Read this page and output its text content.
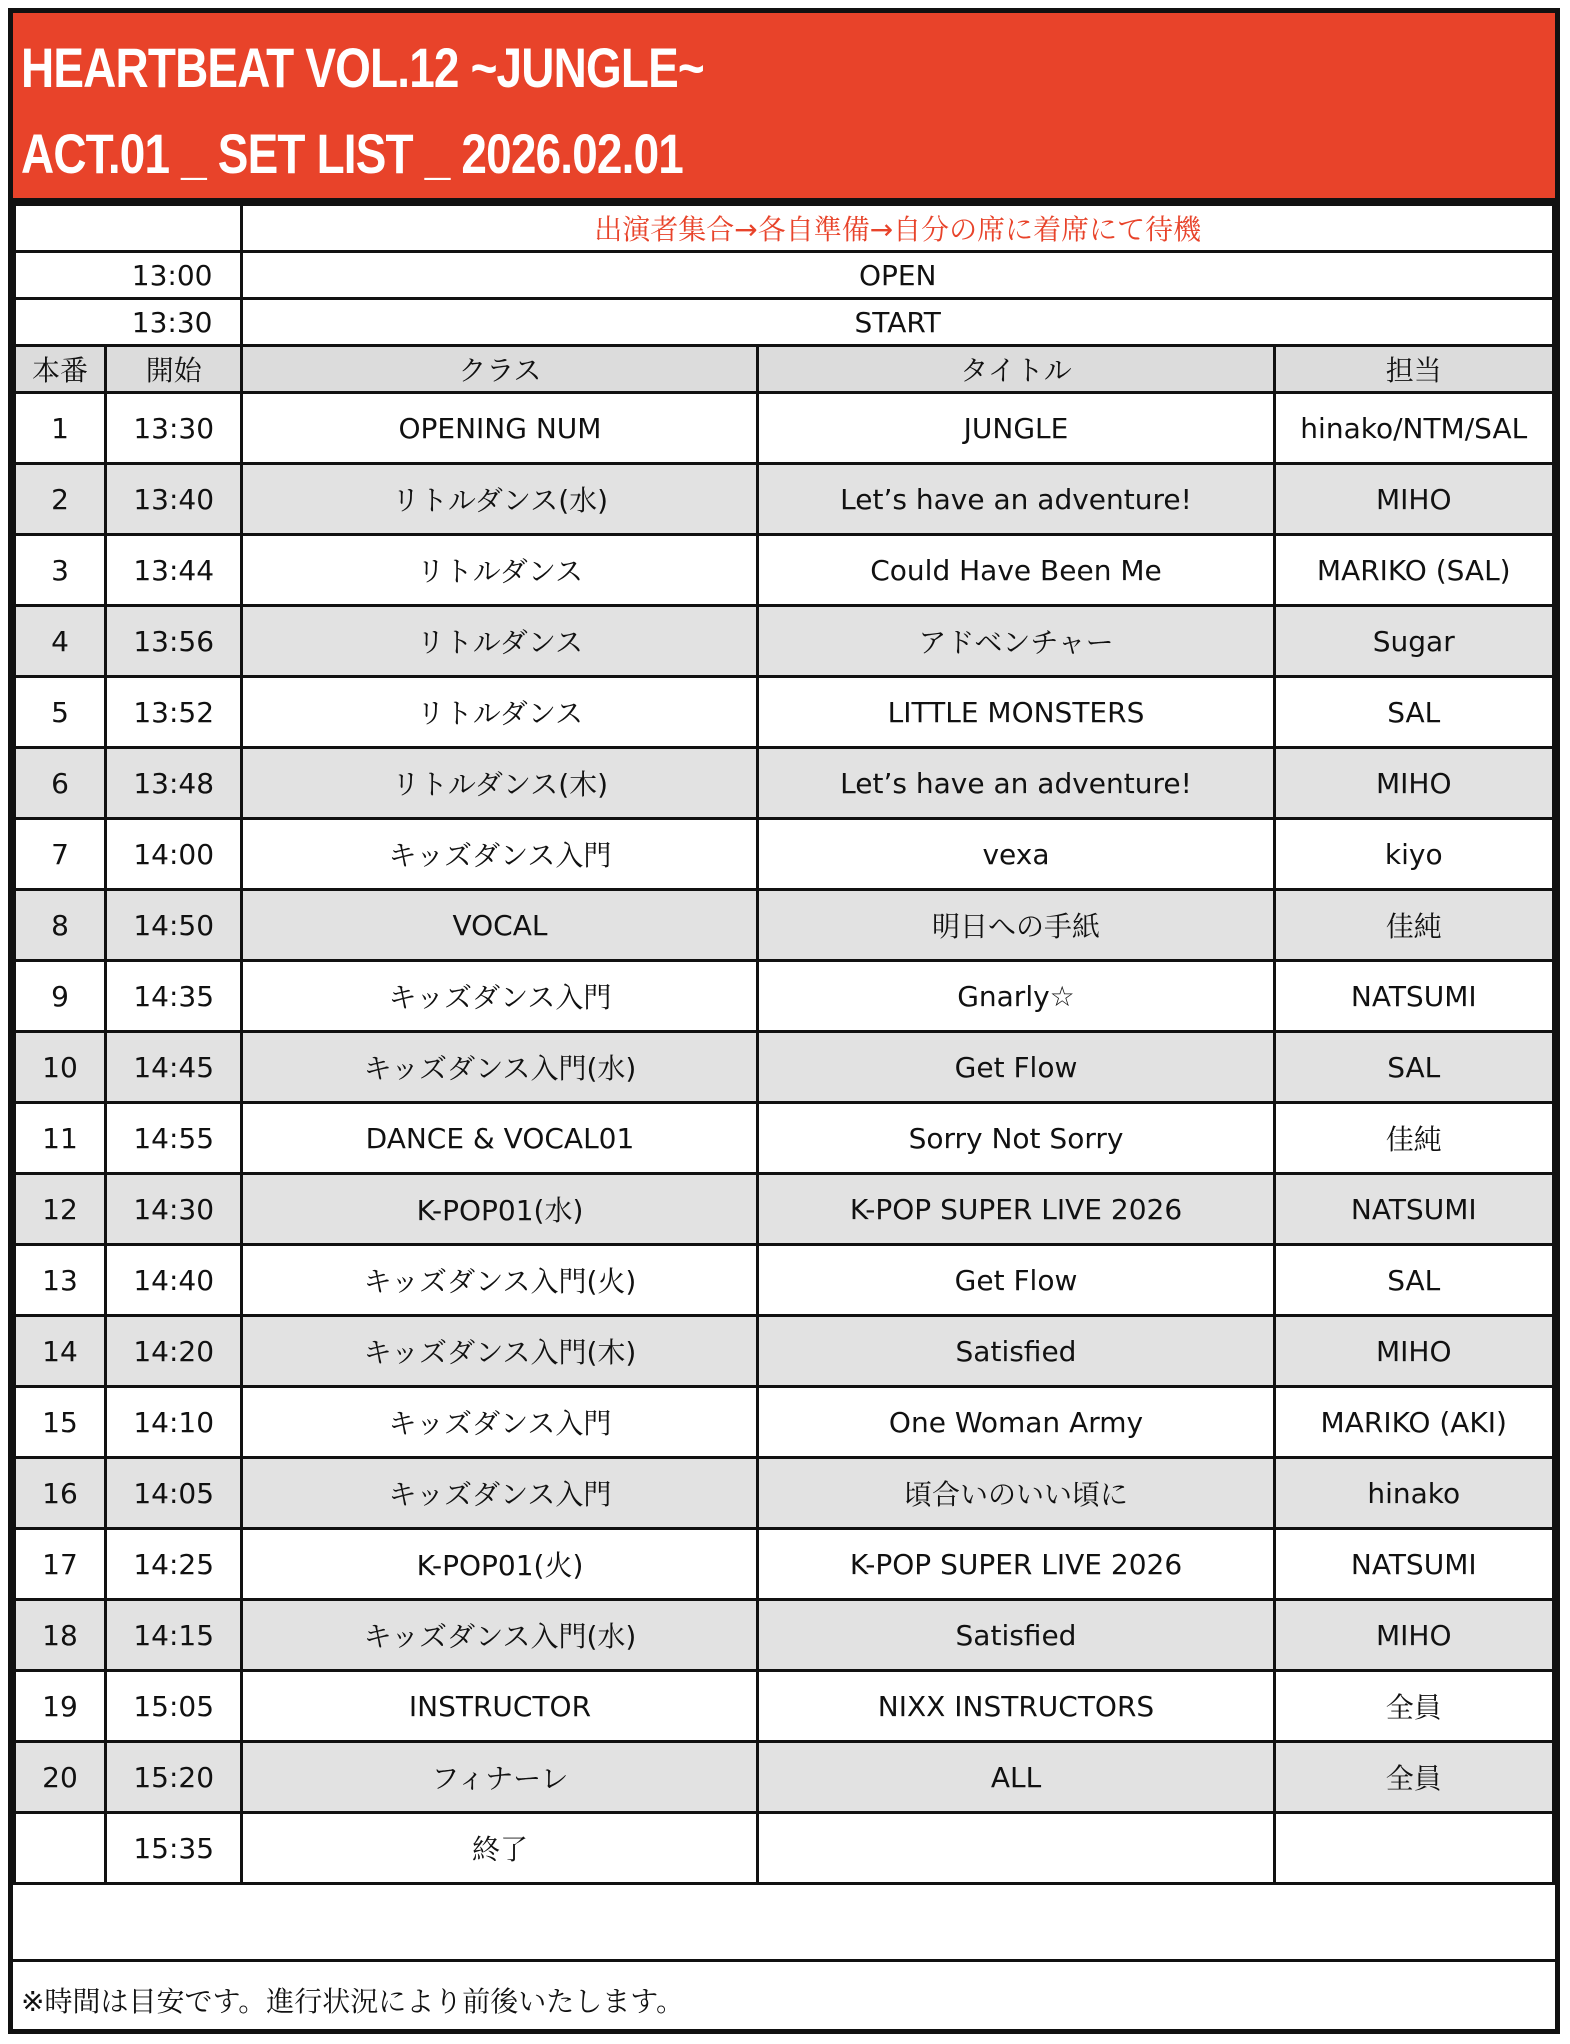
HEARTBEAT VOL.12 ~JUNGLE~
ACT.01 _ SET LIST _ 2026.02.01
		出演者集合→各自準備→自分の席に着席にて待機		
13:00		OPEN		
13:30		START		
本番	開始	クラス	タイトル	担当
1	13:30	OPENING NUM	JUNGLE	hinako/NTM/SAL
2	13:40	リトルダンス(水)	Let’s have an adventure!	MIHO
3	13:44	リトルダンス	Could Have Been Me	MARIKO (SAL)
4	13:56	リトルダンス	アドベンチャー	Sugar
5	13:52	リトルダンス	LITTLE MONSTERS	SAL
6	13:48	リトルダンス(木)	Let’s have an adventure!	MIHO
7	14:00	キッズダンス入門	vexa	kiyo
8	14:50	VOCAL	明日への手紙	佳純
9	14:35	キッズダンス入門	Gnarly☆	NATSUMI
10	14:45	キッズダンス入門(水)	Get Flow	SAL
11	14:55	DANCE & VOCAL01	Sorry Not Sorry	佳純
12	14:30	K-POP01(水)	K-POP SUPER LIVE 2026	NATSUMI
13	14:40	キッズダンス入門(火)	Get Flow	SAL
14	14:20	キッズダンス入門(木)	Satisfied	MIHO
15	14:10	キッズダンス入門	One Woman Army	MARIKO (AKI)
16	14:05	キッズダンス入門	頃合いのいい頃に	hinako
17	14:25	K-POP01(火)	K-POP SUPER LIVE 2026	NATSUMI
18	14:15	キッズダンス入門(水)	Satisfied	MIHO
19	15:05	INSTRUCTOR	NIXX INSTRUCTORS	全員
20	15:20	フィナーレ	ALL	全員
	15:35	終了		
※時間は目安です。進行状況により前後いたします。
